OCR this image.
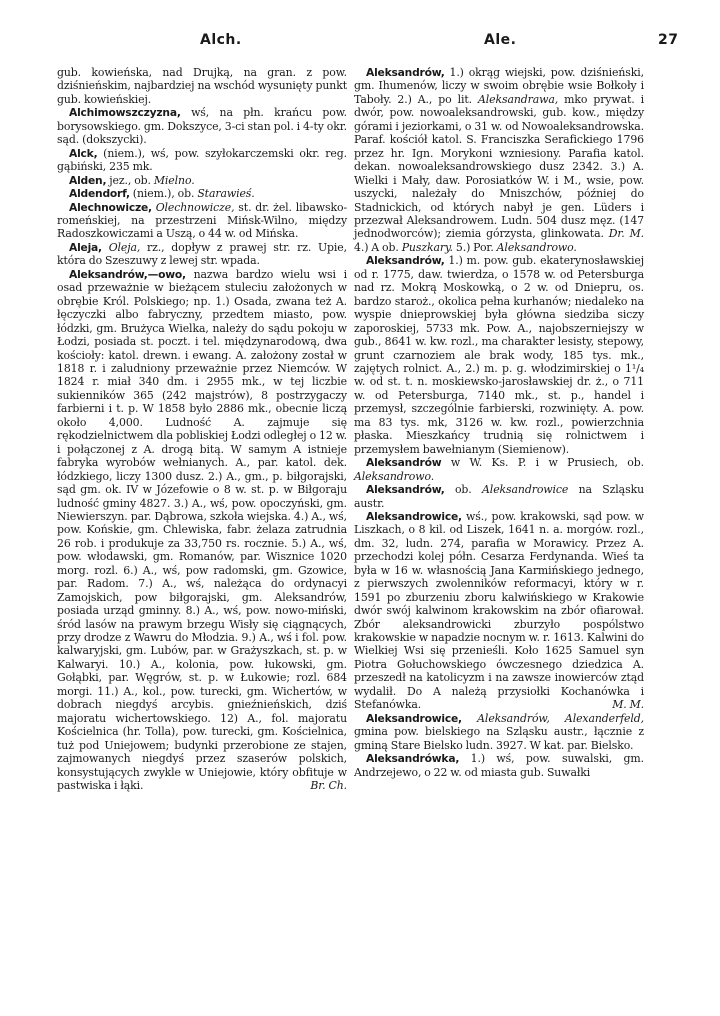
Alch.	Ale.	27

gub. kowieńska, nad Drujką, na gran. z pow. dziśnieńskim, najbardziej na wschód wysunięty punkt gub. kowieńskiej.

Alchimowszczyzna, wś, na płn. krańcu pow. borysowskiego. gm. Dokszyce, 3-ci stan pol. i 4-ty okr. sąd. (dokszycki).

Alck, (niem.), wś, pow. szyłokarczemski okr. reg. gąbiński, 235 mk.

Alden, jez., ob. Mielno.

Aldendorf, (niem.), ob. Starawieś.

Alechnowicze, Olechnowicze, st. dr. żel. libawsko-romeńskiej, na przestrzeni Mińsk-Wilno, między Radoszkowiczami a Uszą, o 44 w. od Mińska.

Aleja, Oleja, rz., dopływ z prawej str. rz. Upie, która do Szeszuwy z lewej str. wpada.

Aleksandrów,—owo, nazwa bardzo wielu wsi i osad przeważnie w bieżącem stuleciu założonych w obrębie Król. Polskiego; np. 1.) Osada, zwana też A. łęczyczki albo fabryczny, przedtem miasto, pow. łódzki, gm. Brużyca Wielka, należy do sądu pokoju w Łodzi, posiada st. poczt. i tel. międzynarodową, dwa kościoły: katol. drewn. i ewang. A. założony został w 1818 r. i zaludniony przeważnie przez Niemców. W 1824 r. miał 340 dm. i 2955 mk., w tej liczbie sukienników 365 (242 majstrów), 8 postrzygaczy farbierni i t. p. W 1858 było 2886 mk., obecnie liczą około 4,000. Ludność A. zajmuje się rękodzielnictwem dla pobliskiej Łodzi odległej o 12 w. i połączonej z A. drogą bitą. W samym A istnieje fabryka wyrobów wełnianych. A., par. katol. dek. łódzkiego, liczy 1300 dusz. 2.) A., gm., p. biłgorajski, sąd gm. ok. IV w Józefowie o 8 w. st. p. w Biłgoraju ludność gminy 4827. 3.) A., wś, pow. opoczyński, gm. Niewierszyn. par. Dąbrowa, szkoła wiejska. 4.) A., wś, pow. Końskie, gm. Chlewiska, fabr. żelaza zatrudnia 26 rob. i produkuje za 33,750 rs. rocznie. 5.) A., wś, pow. włodawski, gm. Romanów, par. Wisznice 1020 morg. rozl. 6.) A., wś, pow radomski, gm. Gzowice, par. Radom. 7.) A., wś, należąca do ordynacyi Zamojskich, pow biłgorajski, gm. Aleksandrów, posiada urząd gminny. 8.) A., wś, pow. nowo-miński, śród lasów na prawym brzegu Wisły się ciągnących, przy drodze z Wawru do Młodzia. 9.) A., wś i fol. pow. kalwaryjski, gm. Lubów, par. w Grażyszkach, st. p. w Kalwaryi. 10.) A., kolonia, pow. łukowski, gm. Gołąbki, par. Węgrów, st. p. w Łukowie; rozl. 684 morgi. 11.) A., kol., pow. turecki, gm. Wichertów, w dobrach niegdyś arcybis. gnieźnieńskich, dziś majoratu wichertowskiego. 12) A., fol. majoratu Kościelnica (hr. Tolla), pow. turecki, gm. Kościelnica, tuż pod Uniejowem; budynki przerobione ze stajen, zajmowanych niegdyś przez szaserów polskich, konsystujących zwykle w Uniejowie, który obfituje w pastwiska i łąki.	Br. Ch.

Aleksandrów, 1.) okrąg wiejski, pow. dziśnieński, gm. Ihumenów, liczy w swoim obrębie wsie Bołkoły i Taboły. 2.) A., po lit. Aleksandrawa, mko prywat. i dwór, pow. nowoaleksandrowski, gub. kow., między górami i jeziorkami, o 31 w. od Nowoaleksandrowska. Paraf. kościół katol. S. Franciszka Serafickiego 1796 przez hr. Ign. Morykoni wzniesiony. Parafia katol. dekan. nowoaleksandrowskiego dusz 2342. 3.) A. Wielki i Mały, daw. Porosiatków W. i M., wsie, pow. uszycki, należały do Mniszchów, później do Stadnickich, od których nabył je gen. Lüders i przezwał Aleksandrowem. Ludn. 504 dusz męz. (147 jednodworców); ziemia górzysta, glinkowata. Dr. M. 4.) A ob. Puszkary. 5.) Por. Aleksandrowo.

Aleksandrów, 1.) m. pow. gub. ekaterynosławskiej od r. 1775, daw. twierdza, o 1578 w. od Petersburga nad rz. Mokrą Moskowką, o 2 w. od Dniepru, os. bardzo staroż., okolica pełna kurhanów; niedaleko na wyspie dnieprowskiej była główna siedziba siczy zaporoskiej, 5733 mk. Pow. A., najobszerniejszy w gub., 8641 w. kw. rozl., ma charakter lesisty, stepowy, grunt czarnoziem ale brak wody, 185 tys. mk., zajętych rolnict. A., 2.) m. p. g. włodzimirskiej o 1¹/₄ w. od st. t. n. moskiewsko-jarosławskiej dr. ż., o 711 w. od Petersburga, 7140 mk., st. p., handel i przemysł, szczególnie farbierski, rozwinięty. A. pow. ma 83 tys. mk, 3126 w. kw. rozl., powierzchnia płaska. Mieszkańcy trudnią się rolnictwem i przemysłem bawełnianym (Siemienow).

Aleksandrów w W. Ks. P. i w Prusiech, ob. Aleksandrowo.

Aleksandrów, ob. Aleksandrowice na Szląsku austr.

Aleksandrowice, wś., pow. krakowski, sąd pow. w Liszkach, o 8 kil. od Liszek, 1641 n. a. morgów. rozl., dm. 32, ludn. 274, parafia w Morawicy. Przez A. przechodzi kolej półn. Cesarza Ferdynanda. Wieś ta była w 16 w. własnością Jana Karmińskiego jednego, z pierwszych zwolenników reformacyi, który w r. 1591 po zburzeniu zboru kalwińskiego w Krakowie dwór swój kalwinom krakowskim na zbór ofiarował. Zbór aleksandrowicki zburzyło pospólstwo krakowskie w napadzie nocnym w. r. 1613. Kalwini do Wielkiej Wsi się przenieśli. Koło 1625 Samuel syn Piotra Gołuchowskiego ówczesnego dziedzica A. przeszedł na katolicyzm i na zawsze inowierców ztąd wydalił. Do A należą przysiołki Kochanówka i Stefanówka.	M. M.

Aleksandrowice, Aleksandrów, Alexanderfeld, gmina pow. bielskiego na Szląsku austr., łącznie z gminą Stare Bielsko ludn. 3927. W kat. par. Bielsko.

Aleksandrówka, 1.) wś, pow. suwalski, gm. Andrzejewo, o 22 w. od miasta gub. Suwałki
